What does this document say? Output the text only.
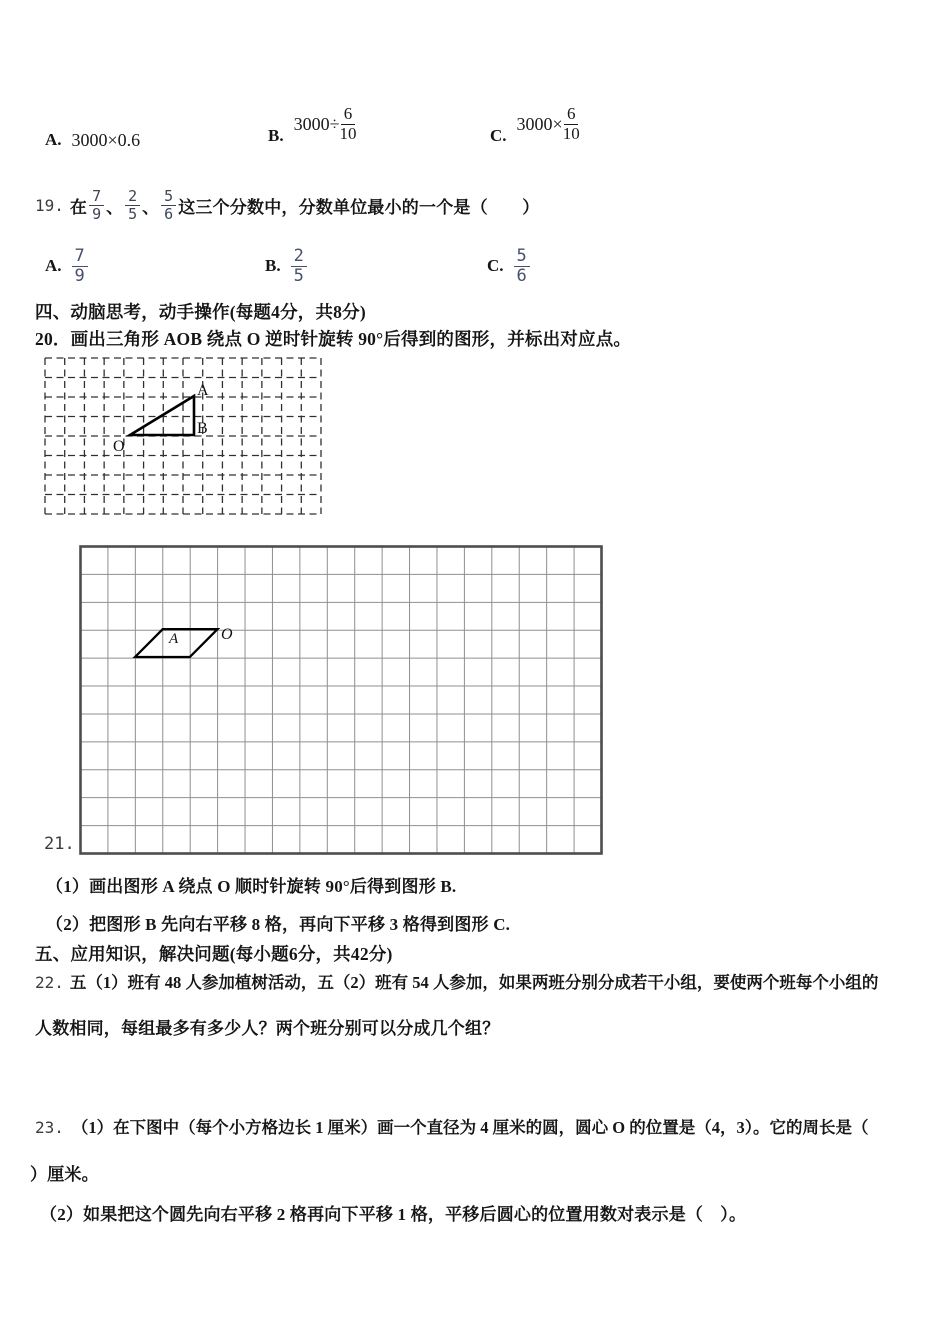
A. 3000×0.6	B.
$3000\div \frac{6}{10}$	C.
$3000\times \frac{6}{10}$
19. 在 $\frac{7}{9}$ 、 $\frac{2}{5}$ 、 $\frac{5}{6}$ 这三个分数中，分数单位最小的一个是（　　）
A. $\frac{7}{9}$	B. $\frac{2}{5}$	C. $\frac{5}{6}$
四、动脑思考，动手操作(每题4分，共8分)
20．画出三角形 AOB 绕点 O 逆时针旋转 90°后得到的图形，并标出对应点。
A
B
O
A	O
21.
（1）画出图形 A 绕点 O 顺时针旋转 90°后得到图形 B.
（2）把图形 B 先向右平移 8 格，再向下平移 3 格得到图形 C.
五、应用知识，解决问题(每小题6分，共42分)
22. 五（1）班有 48 人参加植树活动，五（2）班有 54 人参加，如果两班分别分成若干小组，要使两个班每个小组的
人数相同，每组最多有多少人？两个班分别可以分成几个组？
23. （1）在下图中（每个小方格边长 1 厘米）画一个直径为 4 厘米的圆，圆心 O 的位置是（4，3）。它的周长是（
）厘米。
（2）如果把这个圆先向右平移 2 格再向下平移 1 格，平移后圆心的位置用数对表示是（　）。
